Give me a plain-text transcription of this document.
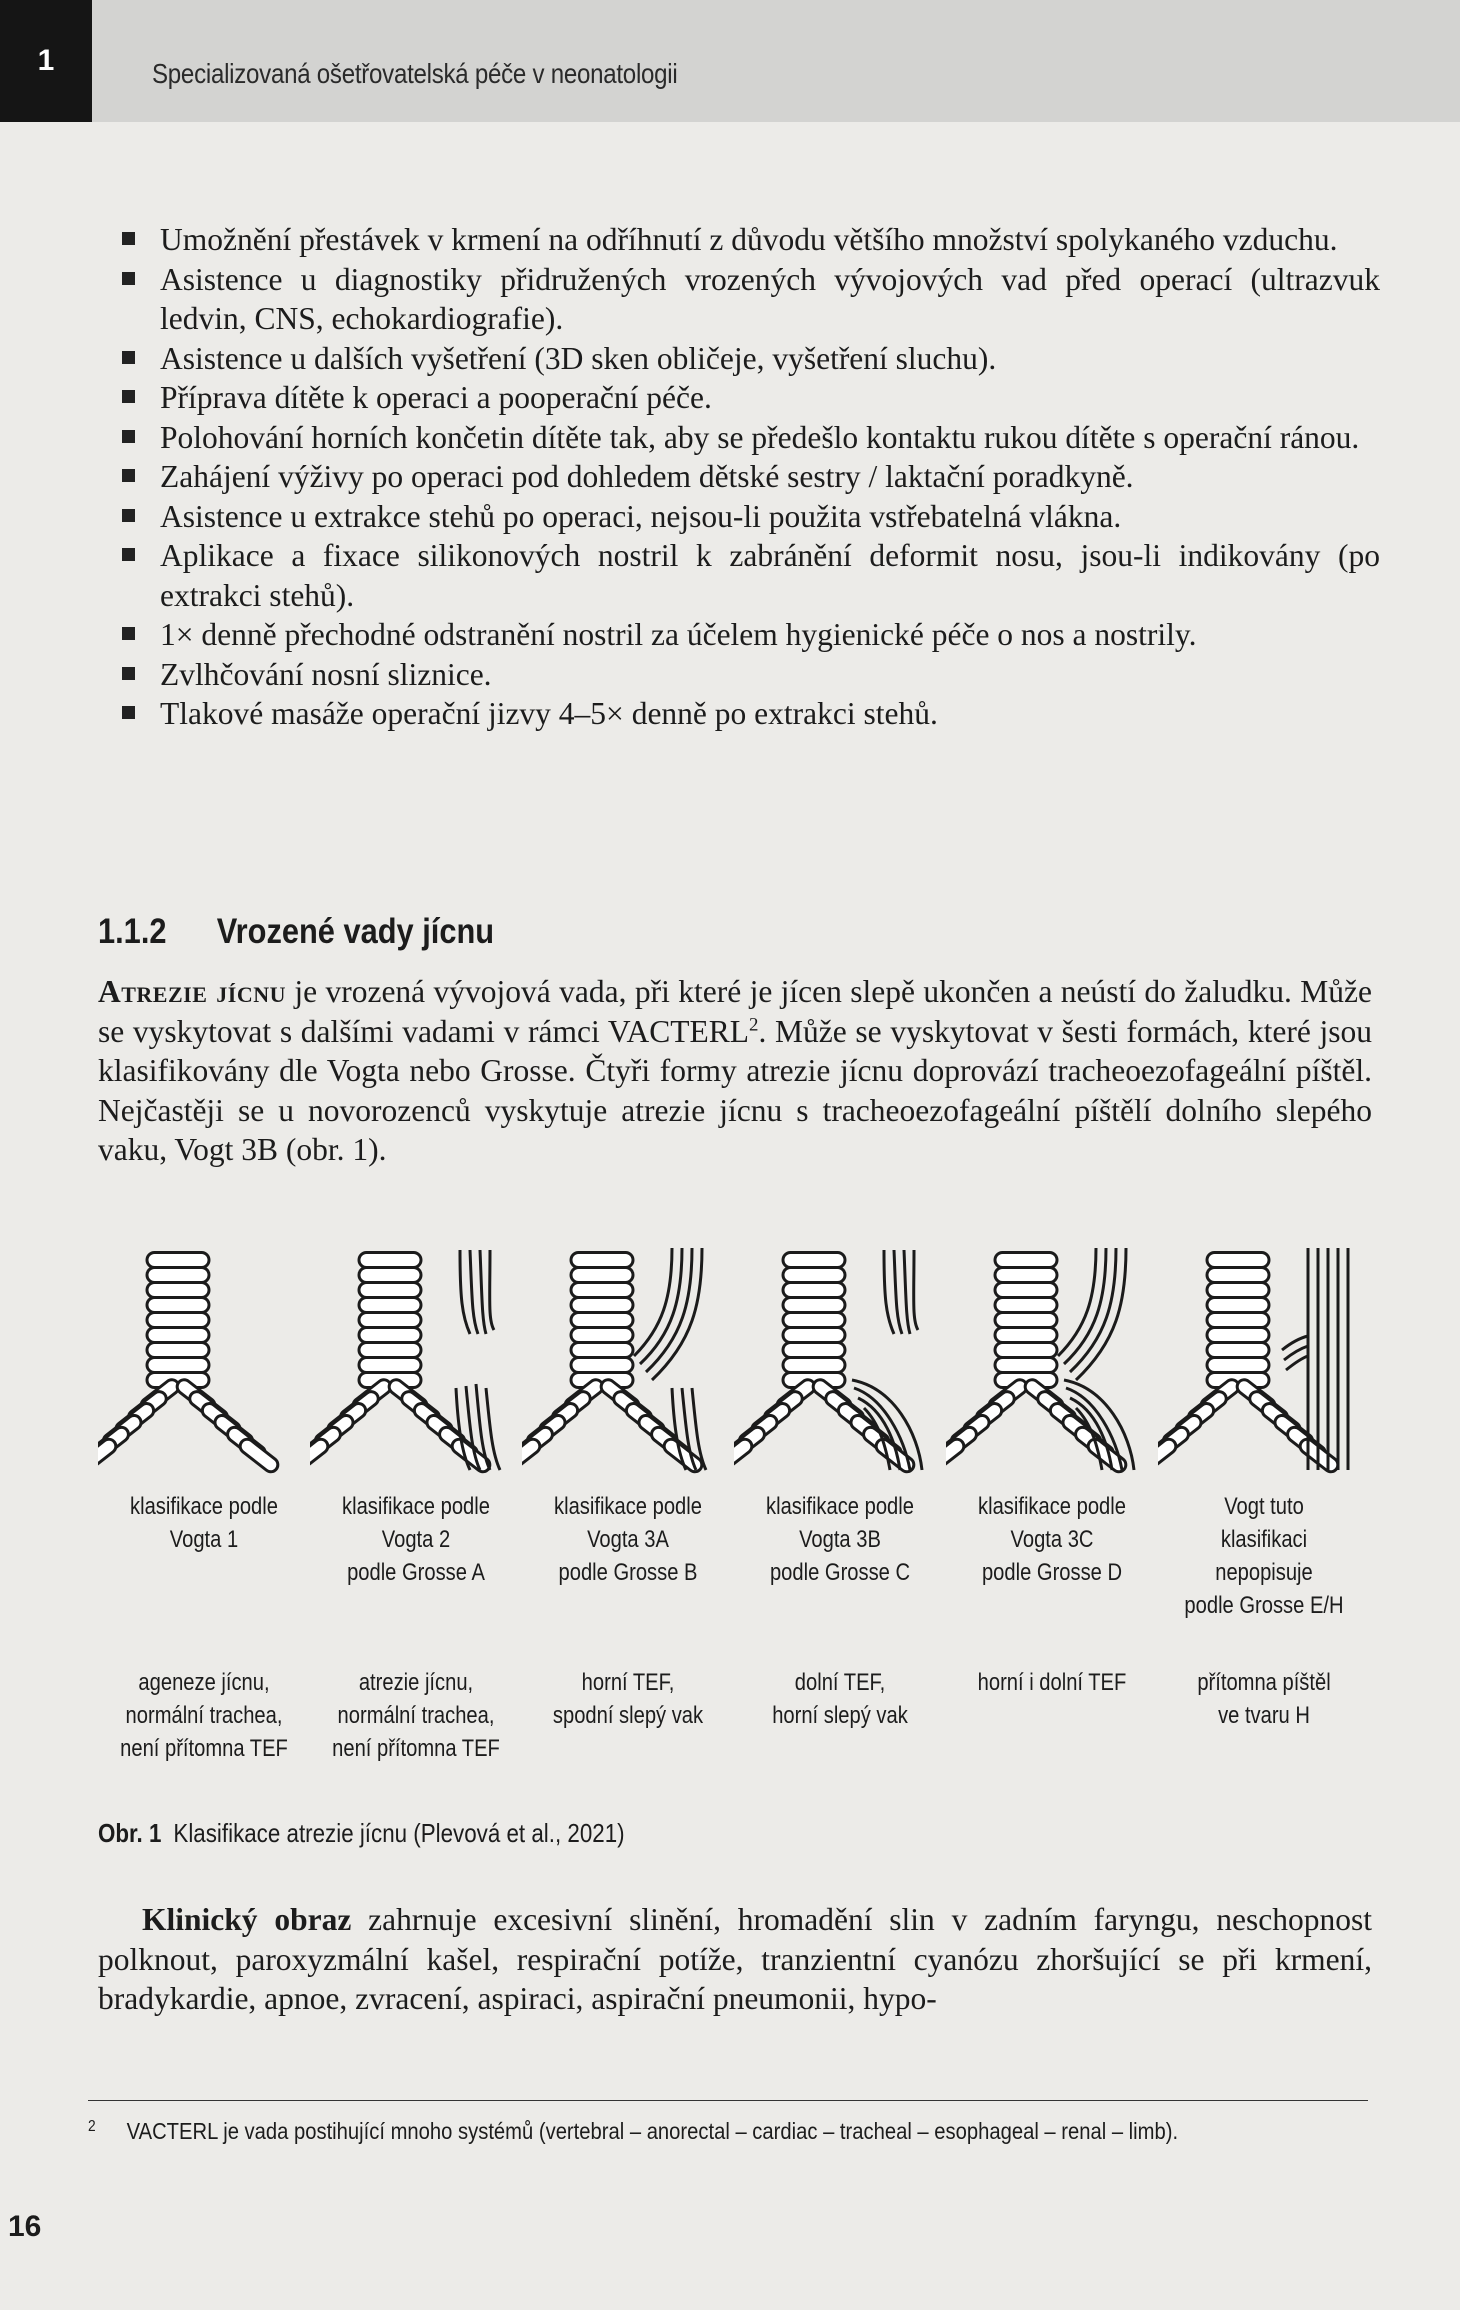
1	Specializovaná ošetřovatelská péče v neonatologii
Umožnění přestávek v krmení na odříhnutí z důvodu většího množství spolykaného vzduchu.
Asistence u diagnostiky přidružených vrozených vývojových vad před operací (ultrazvuk ledvin, CNS, echokardiografie).
Asistence u dalších vyšetření (3D sken obličeje, vyšetření sluchu).
Příprava dítěte k operaci a pooperační péče.
Polohování horních končetin dítěte tak, aby se předešlo kontaktu rukou dítěte s operační ránou.
Zahájení výživy po operaci pod dohledem dětské sestry / laktační poradkyně.
Asistence u extrakce stehů po operaci, nejsou-li použita vstřebatelná vlákna.
Aplikace a fixace silikonových nostril k zabránění deformit nosu, jsou-li indikovány (po extrakci stehů).
1× denně přechodné odstranění nostril za účelem hygienické péče o nos a nostrily.
Zvlhčování nosní sliznice.
Tlakové masáže operační jizvy 4–5× denně po extrakci stehů.
1.1.2 Vrozené vady jícnu

Atrezie jícnu je vrozená vývojová vada, při které je jícen slepě ukončen a neústí do žaludku. Může se vyskytovat s dalšími vadami v rámci VACTERL$^2$. Může se vyskytovat v šesti formách, které jsou klasifikovány dle Vogta nebo Grosse. Čtyři formy atrezie jícnu doprovází tracheoezofageální píštěl. Nejčastěji se u novorozenců vyskytuje atrezie jícnu s tracheoezofageální píštělí dolního slepého vaku, Vogt 3B (obr. 1).

klasifikace podle
Vogta 1
ageneze jícnu,
normální trachea,
není přítomna TEF
klasifikace podle
Vogta 2
podle Grosse A
atrezie jícnu,
normální trachea,
není přítomna TEF
klasifikace podle
Vogta 3A
podle Grosse B
horní TEF,
spodní slepý vak
klasifikace podle
Vogta 3B
podle Grosse C
dolní TEF,
horní slepý vak
klasifikace podle
Vogta 3C
podle Grosse D
horní i dolní TEF
Vogt tuto
klasifikaci
nepopisuje
podle Grosse E/H
přítomna píštěl
ve tvaru H
Obr. 1 Klasifikace atrezie jícnu (Plevová et al., 2021)

Klinický obraz zahrnuje excesivní slinění, hromadění slin v zadním faryngu, neschopnost polknout, paroxyzmální kašel, respirační potíže, tranzientní cyanózu zhoršující se při krmení, bradykardie, apnoe, zvracení, aspiraci, aspirační pneumonii, hypo-

$^2$ VACTERL je vada postihující mnoho systémů (vertebral – anorectal – cardiac – tracheal – esophageal – renal – limb).
16
